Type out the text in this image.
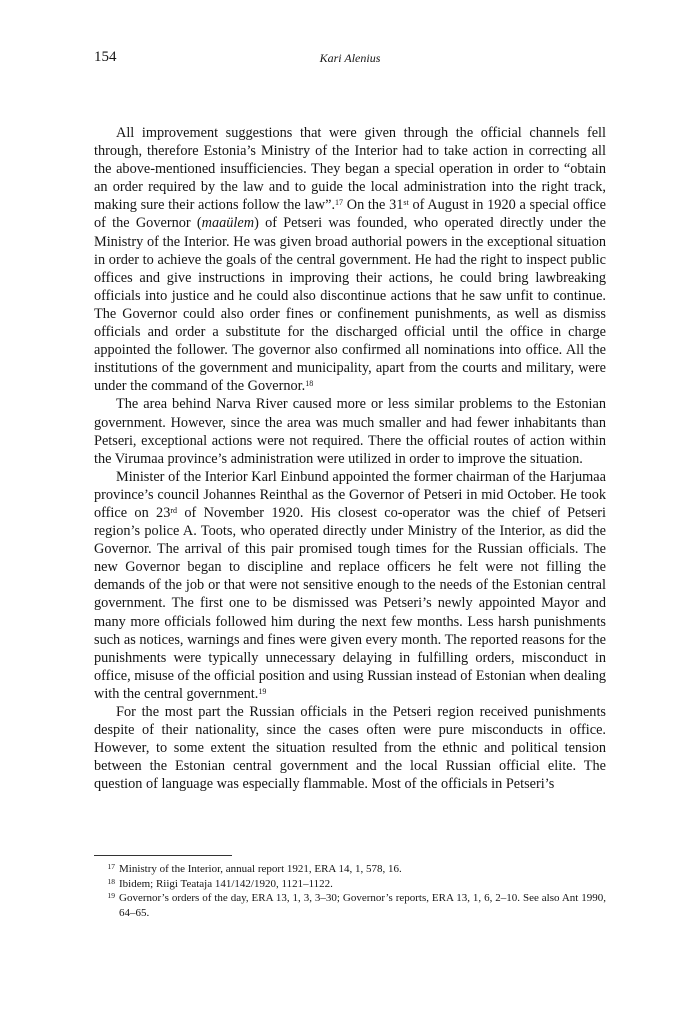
154	Kari Alenius

All improvement suggestions that were given through the official channels fell through, therefore Estonia’s Ministry of the Interior had to take action in correcting all the above-mentioned insufficiencies. They began a special operation in order to “obtain an order required by the law and to guide the local administration into the right track, making sure their actions follow the law”.$^{17}$ On the 31st of August in 1920 a special office of the Governor (maaülem) of Petseri was founded, who operated directly under the Ministry of the Interior. He was given broad authorial powers in the exceptional situation in order to achieve the goals of the central government. He had the right to inspect public offices and give instructions in improving their actions, he could bring lawbreaking officials into justice and he could also discontinue actions that he saw unfit to continue. The Governor could also order fines or confinement punishments, as well as dismiss officials and order a substitute for the discharged official until the office in charge appointed the follower. The governor also confirmed all nominations into office. All the institutions of the government and municipality, apart from the courts and military, were under the command of the Governor.$^{18}$

The area behind Narva River caused more or less similar problems to the Estonian government. However, since the area was much smaller and had fewer inhabitants than Petseri, exceptional actions were not required. There the official routes of action within the Virumaa province’s administration were utilized in order to improve the situation.

Minister of the Interior Karl Einbund appointed the former chairman of the Harjumaa province’s council Johannes Reinthal as the Governor of Petseri in mid October. He took office on 23rd of November 1920. His closest co-operator was the chief of Petseri region’s police A. Toots, who operated directly under Ministry of the Interior, as did the Governor. The arrival of this pair promised tough times for the Russian officials. The new Governor began to discipline and replace officers he felt were not filling the demands of the job or that were not sensitive enough to the needs of the Estonian central government. The first one to be dismissed was Petseri’s newly appointed Mayor and many more officials followed him during the next few months. Less harsh punishments such as notices, warnings and fines were given every month. The reported reasons for the punishments were typically unnecessary delaying in fulfilling orders, misconduct in office, misuse of the official position and using Russian instead of Estonian when dealing with the central government.$^{19}$

For the most part the Russian officials in the Petseri region received punishments despite of their nationality, since the cases often were pure misconducts in office. However, to some extent the situation resulted from the ethnic and political tension between the Estonian central government and the local Russian official elite. The question of language was especially flammable. Most of the officials in Petseri’s

$^{17}$ Ministry of the Interior, annual report 1921, ERA 14, 1, 578, 16.
$^{18}$ Ibidem; Riigi Teataja 141/142/1920, 1121–1122.
$^{19}$ Governor’s orders of the day, ERA 13, 1, 3, 3–30; Governor’s reports, ERA 13, 1, 6, 2–10. See also Ant 1990, 64–65.
